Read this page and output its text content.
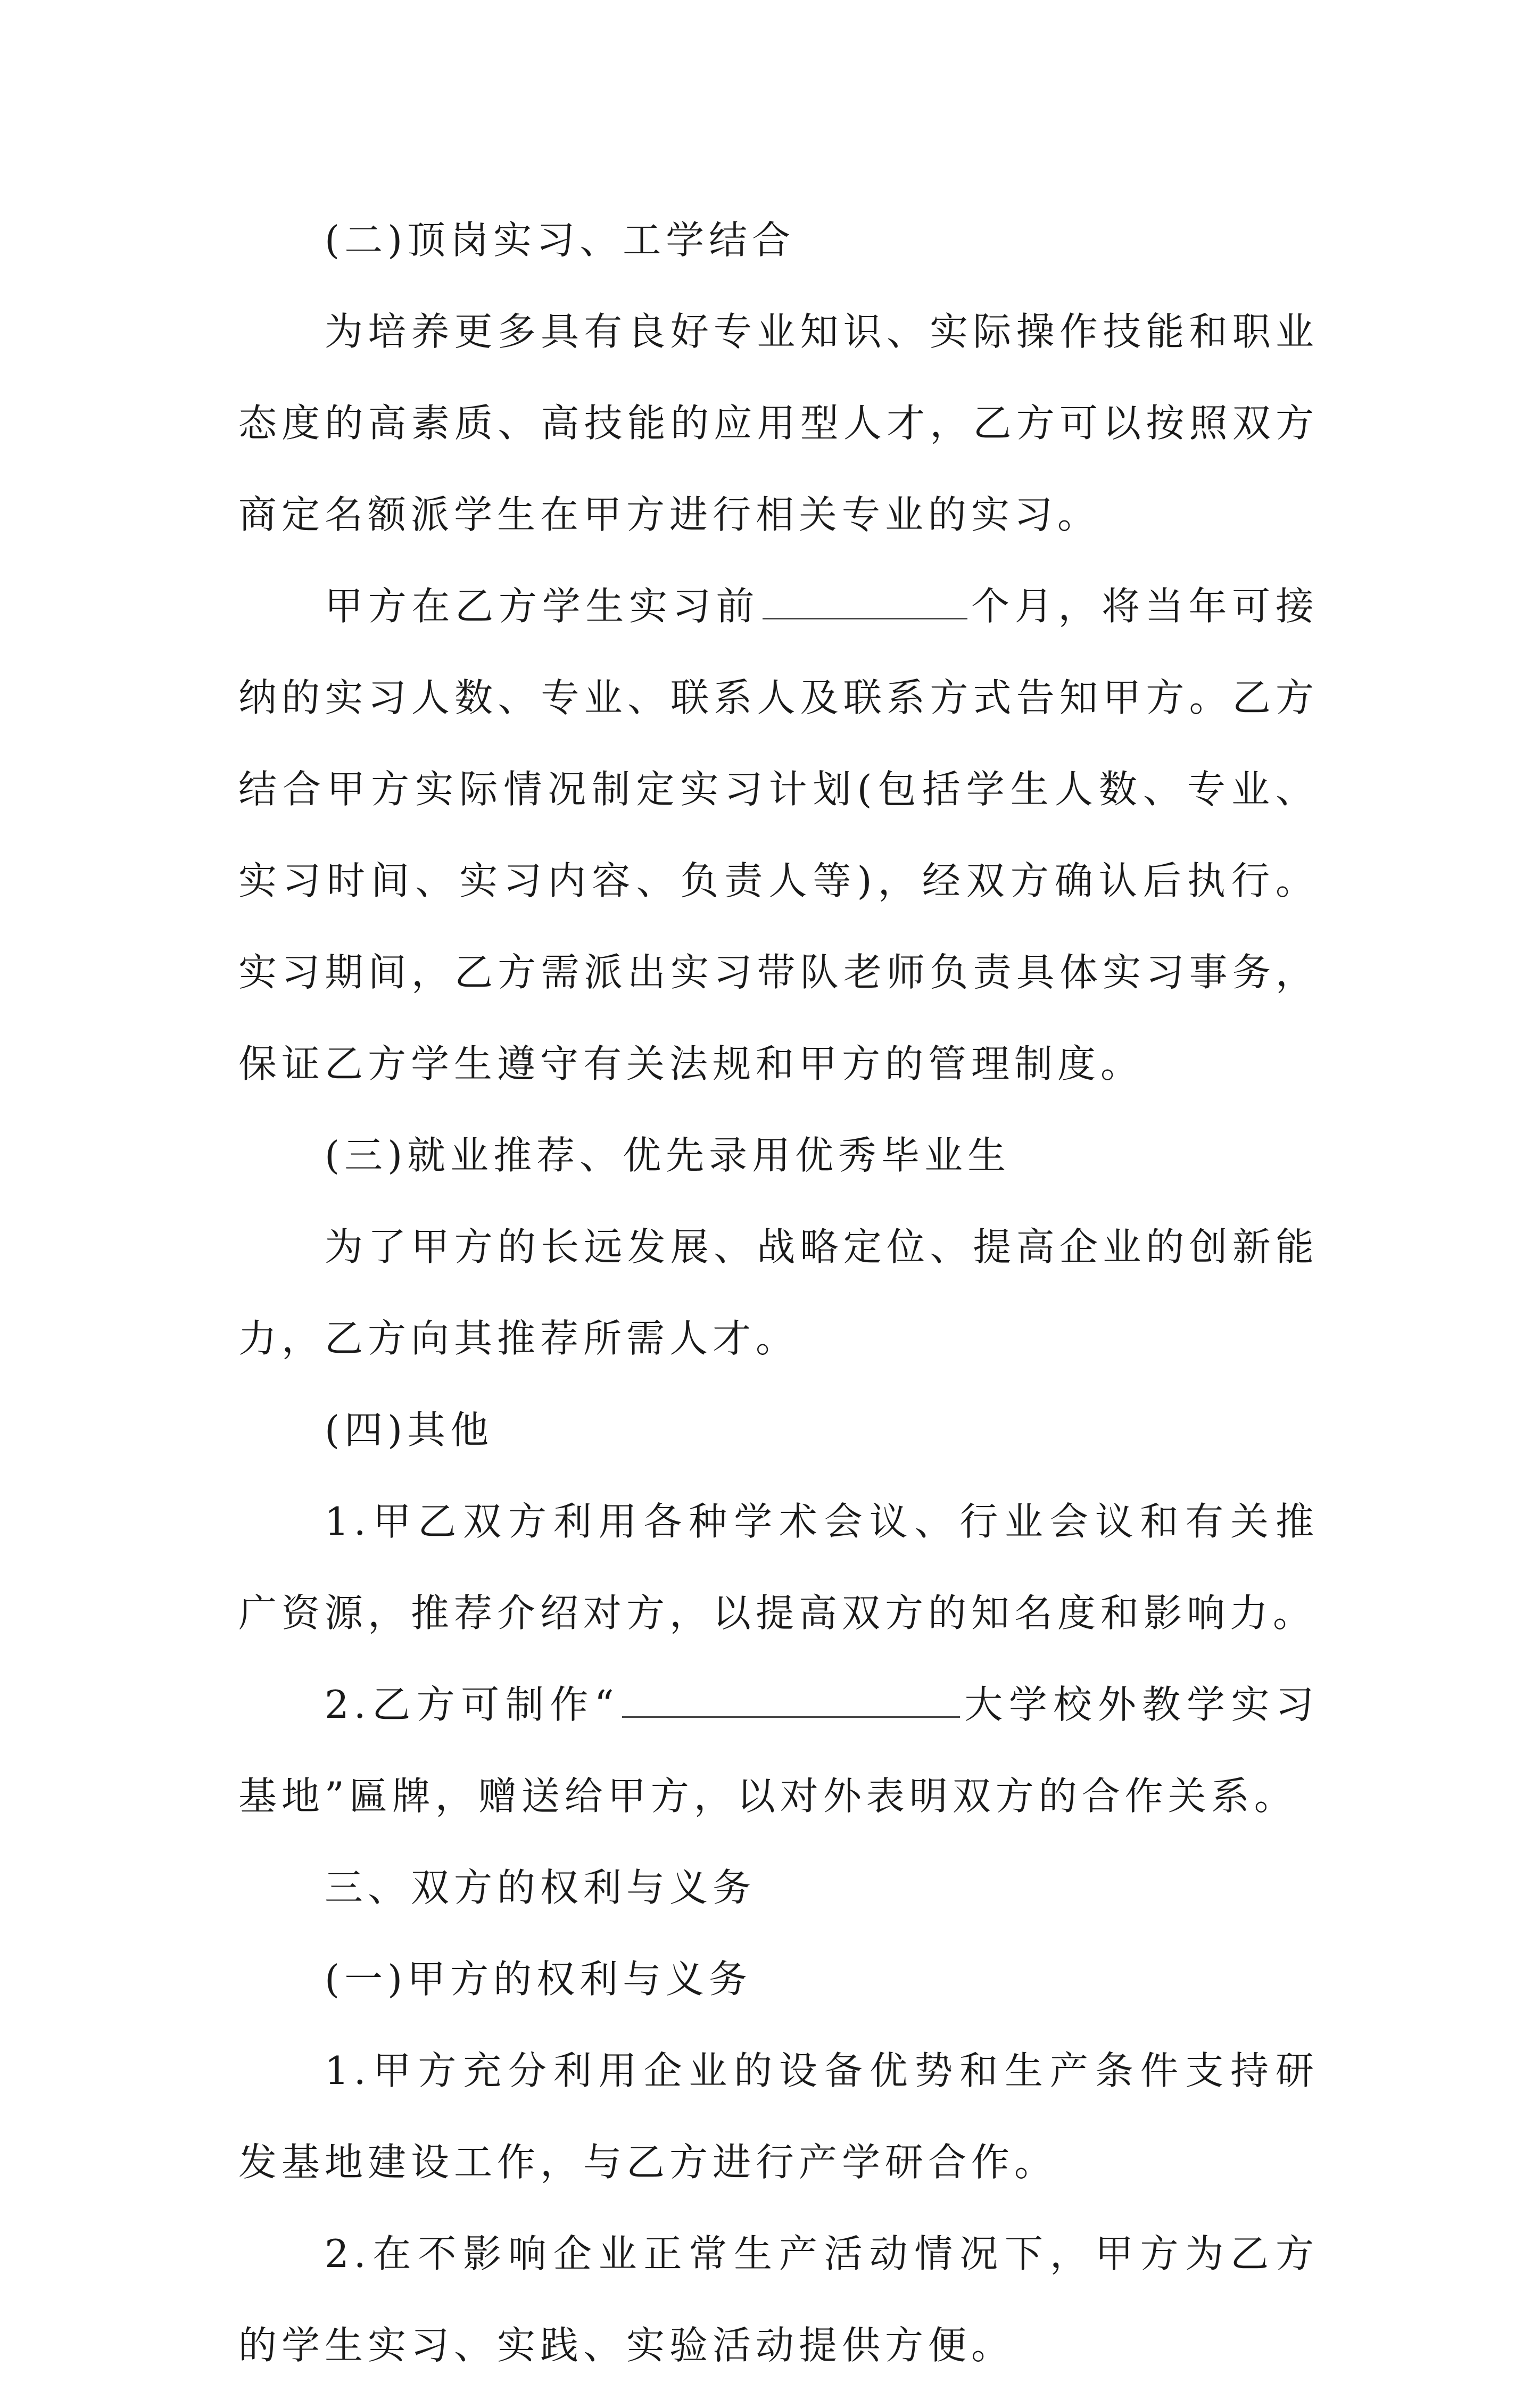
(二)顶岗实习、工学结合

为培养更多具有良好专业知识、实际操作技能和职业态度的高素质、高技能的应用型人才，乙方可以按照双方商定名额派学生在甲方进行相关专业的实习。

甲方在乙方学生实习前	个月，将当年可接纳的实习人数、专业、联系人及联系方式告知甲方。乙方结合甲方实际情况制定实习计划(包括学生人数、专业、实习时间、实习内容、负责人等)，经双方确认后执行。实习期间，乙方需派出实习带队老师负责具体实习事务，保证乙方学生遵守有关法规和甲方的管理制度。

(三)就业推荐、优先录用优秀毕业生

为了甲方的长远发展、战略定位、提高企业的创新能力，乙方向其推荐所需人才。

(四)其他

1.甲乙双方利用各种学术会议、行业会议和有关推广资源，推荐介绍对方，以提高双方的知名度和影响力。

2.乙方可制作“	大学校外教学实习基地”匾牌，赠送给甲方，以对外表明双方的合作关系。

三、双方的权利与义务

(一)甲方的权利与义务

1.甲方充分利用企业的设备优势和生产条件支持研发基地建设工作，与乙方进行产学研合作。

2.在不影响企业正常生产活动情况下，甲方为乙方的学生实习、实践、实验活动提供方便。
